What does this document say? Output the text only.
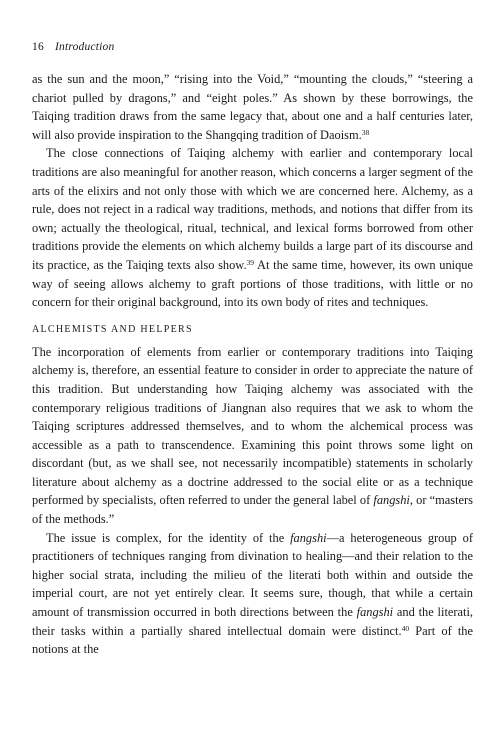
16 Introduction

as the sun and the moon,” “rising into the Void,” “mounting the clouds,” “steering a chariot pulled by dragons,” and “eight poles.” As shown by these borrowings, the Taiqing tradition draws from the same legacy that, about one and a half centuries later, will also provide inspiration to the Shangqing tradition of Daoism.$^{38}$

The close connections of Taiqing alchemy with earlier and contemporary local traditions are also meaningful for another reason, which concerns a larger segment of the arts of the elixirs and not only those with which we are concerned here. Alchemy, as a rule, does not reject in a radical way traditions, methods, and notions that differ from its own; actually the theological, ritual, technical, and lexical forms borrowed from other traditions provide the elements on which alchemy builds a large part of its discourse and its practice, as the Taiqing texts also show.$^{39}$ At the same time, however, its own unique way of seeing allows alchemy to graft portions of those traditions, with little or no concern for their original background, into its own body of rites and techniques.

ALCHEMISTS AND HELPERS

The incorporation of elements from earlier or contemporary traditions into Taiqing alchemy is, therefore, an essential feature to consider in order to appreciate the nature of this tradition. But understanding how Taiqing alchemy was associated with the contemporary religious traditions of Jiangnan also requires that we ask to whom the Taiqing scriptures addressed themselves, and to whom the alchemical process was accessible as a path to transcendence. Examining this point throws some light on discordant (but, as we shall see, not necessarily incompatible) statements in scholarly literature about alchemy as a doctrine addressed to the social elite or as a technique performed by specialists, often referred to under the general label of fangshi, or “masters of the methods.”

The issue is complex, for the identity of the fangshi—a heterogeneous group of practitioners of techniques ranging from divination to healing—and their relation to the higher social strata, including the milieu of the literati both within and outside the imperial court, are not yet entirely clear. It seems sure, though, that while a certain amount of transmission occurred in both directions between the fangshi and the literati, their tasks within a partially shared intellectual domain were distinct.$^{40}$ Part of the notions at the
